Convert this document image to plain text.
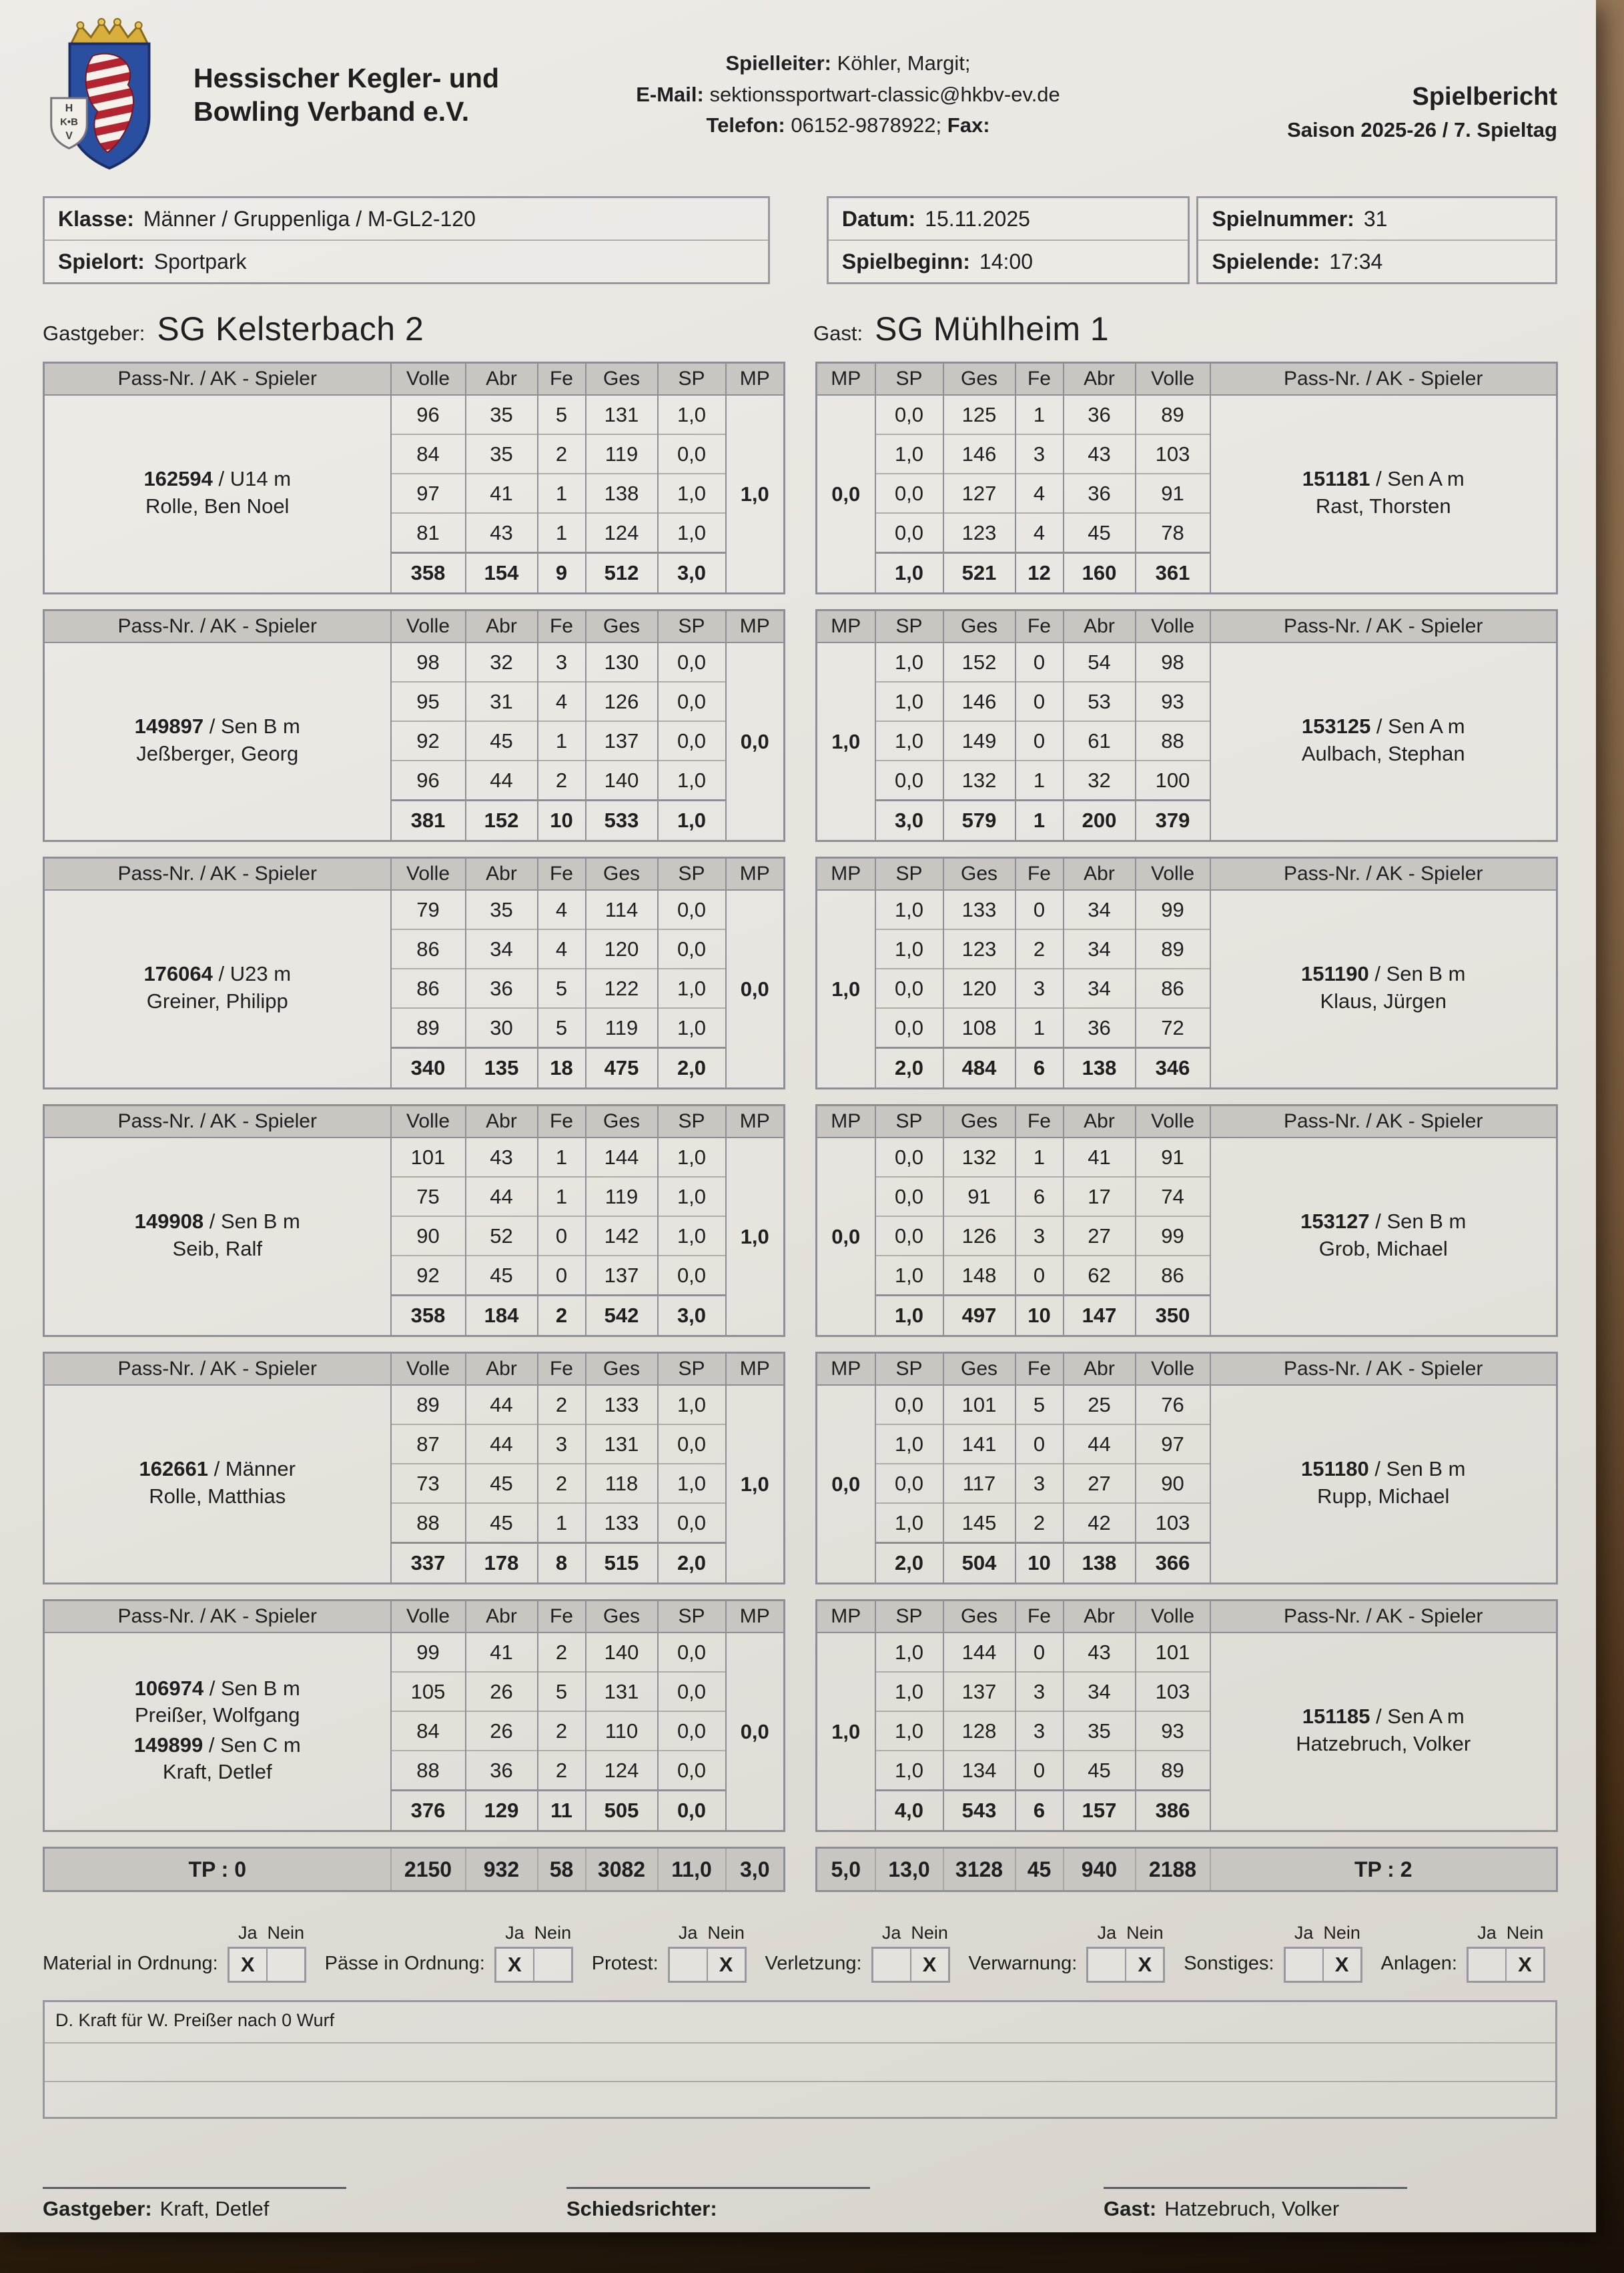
H
K•B
V
Hessischer Kegler- und
Bowling Verband e.V.
Spielleiter: Köhler, Margit;
E-Mail: sektionssportwart-classic@hkbv-ev.de
Telefon: 06152-9878922; Fax:
Spielbericht
Saison 2025-26 / 7. Spieltag
Klasse: Männer / Gruppenliga / M-GL2-120
Spielort: Sportpark
Datum: 15.11.2025
Spielbeginn: 14:00
Spielnummer: 31
Spielende: 17:34
Gastgeber: SG Kelsterbach 2	Gast: SG Mühlheim 1
Pass-Nr. / AK - Spieler	Volle	Abr	Fe	Ges	SP	MP

162594 / U14 m
Rolle, Ben Noel	96	35	5	131	1,0	1,0
	84	35	2	119	0,0	
	97	41	1	138	1,0	
	81	43	1	124	1,0	
	358	154	9	512	3,0	
MP	SP	Ges	Fe	Abr	Volle	Pass-Nr. / AK - Spieler
0,0	0,0	125	1	36	89	151181 / Sen A m
Rast, Thorsten

	1,0	146	3	43	103	
	0,0	127	4	36	91	
	0,0	123	4	45	78	
	1,0	521	12	160	361	
Pass-Nr. / AK - Spieler	Volle	Abr	Fe	Ges	SP	MP

149897 / Sen B m
Jeßberger, Georg	98	32	3	130	0,0	0,0
	95	31	4	126	0,0	
	92	45	1	137	0,0	
	96	44	2	140	1,0	
	381	152	10	533	1,0	
MP	SP	Ges	Fe	Abr	Volle	Pass-Nr. / AK - Spieler
1,0	1,0	152	0	54	98	153125 / Sen A m
Aulbach, Stephan

	1,0	146	0	53	93	
	1,0	149	0	61	88	
	0,0	132	1	32	100	
	3,0	579	1	200	379	
Pass-Nr. / AK - Spieler	Volle	Abr	Fe	Ges	SP	MP

176064 / U23 m
Greiner, Philipp	79	35	4	114	0,0	0,0
	86	34	4	120	0,0	
	86	36	5	122	1,0	
	89	30	5	119	1,0	
	340	135	18	475	2,0	
MP	SP	Ges	Fe	Abr	Volle	Pass-Nr. / AK - Spieler
1,0	1,0	133	0	34	99	151190 / Sen B m
Klaus, Jürgen

	1,0	123	2	34	89	
	0,0	120	3	34	86	
	0,0	108	1	36	72	
	2,0	484	6	138	346	
Pass-Nr. / AK - Spieler	Volle	Abr	Fe	Ges	SP	MP

149908 / Sen B m
Seib, Ralf	101	43	1	144	1,0	1,0
	75	44	1	119	1,0	
	90	52	0	142	1,0	
	92	45	0	137	0,0	
	358	184	2	542	3,0	
MP	SP	Ges	Fe	Abr	Volle	Pass-Nr. / AK - Spieler
0,0	0,0	132	1	41	91	153127 / Sen B m
Grob, Michael

	0,0	91	6	17	74	
	0,0	126	3	27	99	
	1,0	148	0	62	86	
	1,0	497	10	147	350	
Pass-Nr. / AK - Spieler	Volle	Abr	Fe	Ges	SP	MP

162661 / Männer
Rolle, Matthias	89	44	2	133	1,0	1,0
	87	44	3	131	0,0	
	73	45	2	118	1,0	
	88	45	1	133	0,0	
	337	178	8	515	2,0	
MP	SP	Ges	Fe	Abr	Volle	Pass-Nr. / AK - Spieler
0,0	0,0	101	5	25	76	151180 / Sen B m
Rupp, Michael

	1,0	141	0	44	97	
	0,0	117	3	27	90	
	1,0	145	2	42	103	
	2,0	504	10	138	366	
Pass-Nr. / AK - Spieler	Volle	Abr	Fe	Ges	SP	MP

106974 / Sen B m
Preißer, Wolfgang
149899 / Sen C m
Kraft, Detlef	99	41	2	140	0,0	0,0
	105	26	5	131	0,0	
	84	26	2	110	0,0	
	88	36	2	124	0,0	
	376	129	11	505	0,0	
MP	SP	Ges	Fe	Abr	Volle	Pass-Nr. / AK - Spieler
1,0	1,0	144	0	43	101	151185 / Sen A m
Hatzebruch, Volker

	1,0	137	3	34	103	
	1,0	128	3	35	93	
	1,0	134	0	45	89	
	4,0	543	6	157	386	
TP : 0	2150	932	58	3082	11,0	3,0	5,0	13,0	3128	45	940	2188	TP : 2
Material in Ordnung:
Ja Nein
X	Pässe in Ordnung:
Ja Nein
X	Protest:
Ja Nein
X	Verletzung:
Ja Nein
X	Verwarnung:
Ja Nein
X	Sonstiges:
Ja Nein
X	Anlagen:
Ja Nein
X
D. Kraft für W. Preißer nach 0 Wurf
Gastgeber: Kraft, Detlef	Schiedsrichter:	Gast: Hatzebruch, Volker
